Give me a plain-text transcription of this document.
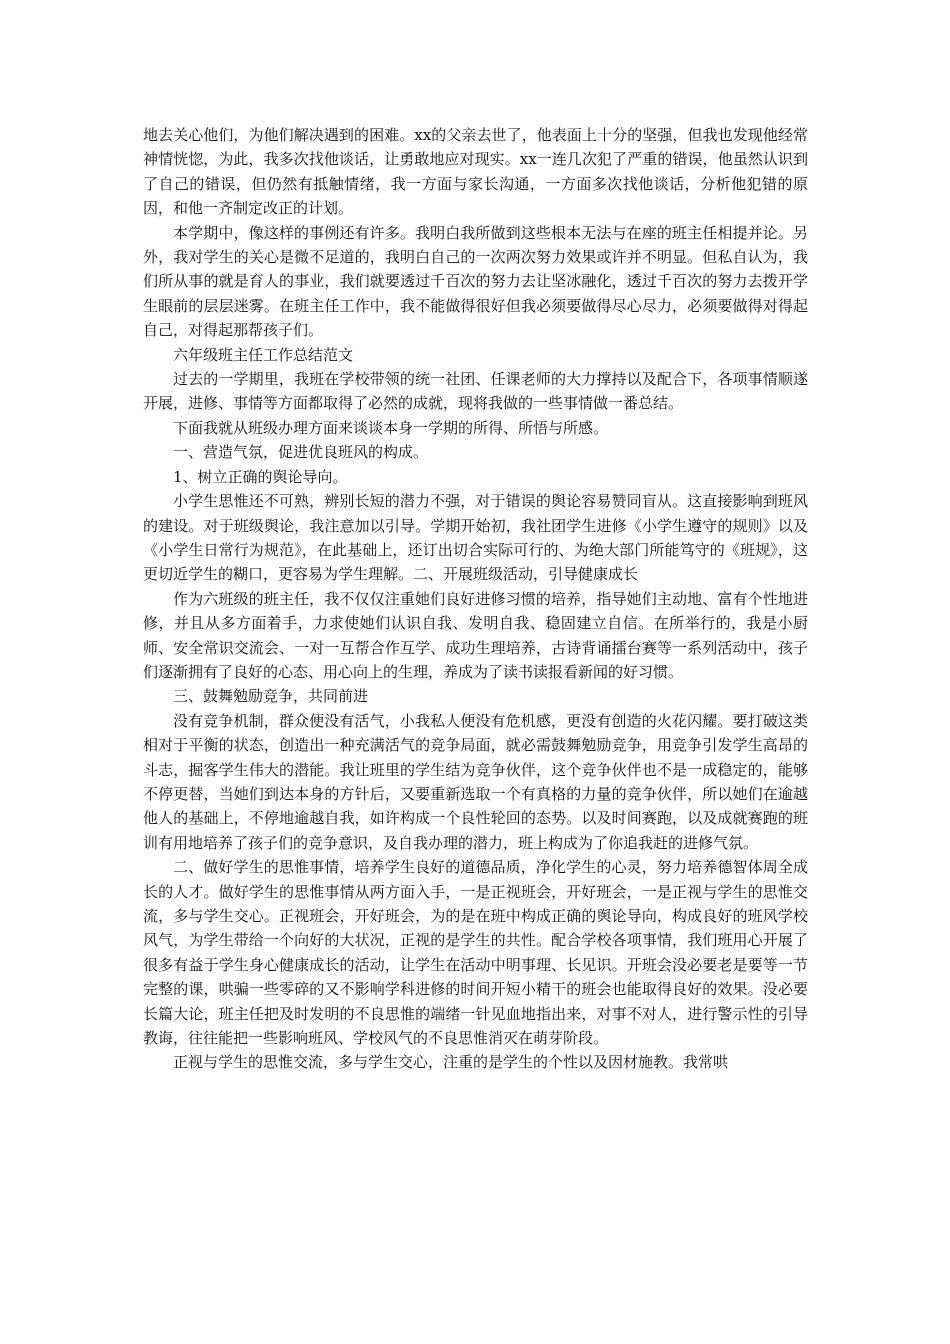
地去关心他们，为他们解决遇到的困难。xx的父亲去世了，他表面上十分的坚强，但我也发现他经常神情恍惚，为此，我多次找他谈话，让勇敢地应对现实。xx一连几次犯了严重的错误，他虽然认识到了自己的错误，但仍然有抵触情绪，我一方面与家长沟通，一方面多次找他谈话，分析他犯错的原因，和他一齐制定改正的计划。

本学期中，像这样的事例还有许多。我明白我所做到这些根本无法与在座的班主任相提并论。另外，我对学生的关心是微不足道的，我明白自己的一次两次努力效果或许并不明显。但私自认为，我们所从事的就是育人的事业，我们就要透过千百次的努力去让坚冰融化，透过千百次的努力去拨开学生眼前的层层迷雾。在班主任工作中，我不能做得很好但我必须要做得尽心尽力，必须要做得对得起自己，对得起那帮孩子们。

六年级班主任工作总结范文

过去的一学期里，我班在学校带领的统一社团、任课老师的大力撑持以及配合下，各项事情顺遂开展，进修、事情等方面都取得了必然的成就，现将我做的一些事情做一番总结。

下面我就从班级办理方面来谈谈本身一学期的所得、所悟与所感。

一、营造气氛，促进优良班风的构成。

1、树立正确的舆论导向。

小学生思惟还不可熟，辨别长短的潜力不强，对于错误的舆论容易赞同盲从。这直接影响到班风的建设。对于班级舆论，我注意加以引导。学期开始初，我社团学生进修《小学生遵守的规则》以及《小学生日常行为规范》，在此基础上，还订出切合实际可行的、为绝大部门所能笃守的《班规》，这更切近学生的糊口，更容易为学生理解。二、开展班级活动，引导健康成长

作为六班级的班主任，我不仅仅注重她们良好进修习惯的培养，指导她们主动地、富有个性地进修，并且从多方面着手，力求使她们认识自我、发明自我、稳固建立自信。在所举行的，我是小厨师、安全常识交流会、一对一互帮合作互学、成功生理培养，古诗背诵擂台赛等一系列活动中，孩子们逐渐拥有了良好的心态、用心向上的生理，养成为了读书读报看新闻的好习惯。

三、鼓舞勉励竞争，共同前进

没有竞争机制，群众便没有活气，小我私人便没有危机感，更没有创造的火花闪耀。要打破这类相对于平衡的状态，创造出一种充满活气的竞争局面，就必需鼓舞勉励竞争，用竞争引发学生高昂的斗志，掘客学生伟大的潜能。我让班里的学生结为竞争伙伴，这个竞争伙伴也不是一成稳定的，能够不停更替，当她们到达本身的方针后，又要重新选取一个有真格的力量的竞争伙伴，所以她们在逾越他人的基础上，不停地逾越自我，如许构成一个良性轮回的态势。以及时间赛跑，以及成就赛跑的班训有用地培养了孩子们的竞争意识，及自我办理的潜力，班上构成为了你追我赶的进修气氛。

二、做好学生的思惟事情，培养学生良好的道德品质，净化学生的心灵，努力培养德智体周全成长的人才。做好学生的思惟事情从两方面入手，一是正视班会，开好班会，一是正视与学生的思惟交流，多与学生交心。正视班会，开好班会，为的是在班中构成正确的舆论导向，构成良好的班风学校风气，为学生带给一个向好的大状况，正视的是学生的共性。配合学校各项事情，我们班用心开展了很多有益于学生身心健康成长的活动，让学生在活动中明事理、长见识。开班会没必要老是要等一节完整的课，哄骗一些零碎的又不影响学科进修的时间开短小精干的班会也能取得良好的效果。没必要长篇大论，班主任把及时发明的不良思惟的端绪一针见血地指出来，对事不对人，进行警示性的引导教诲，往往能把一些影响班风、学校风气的不良思惟消灭在萌芽阶段。

正视与学生的思惟交流，多与学生交心，注重的是学生的个性以及因材施教。我常哄
